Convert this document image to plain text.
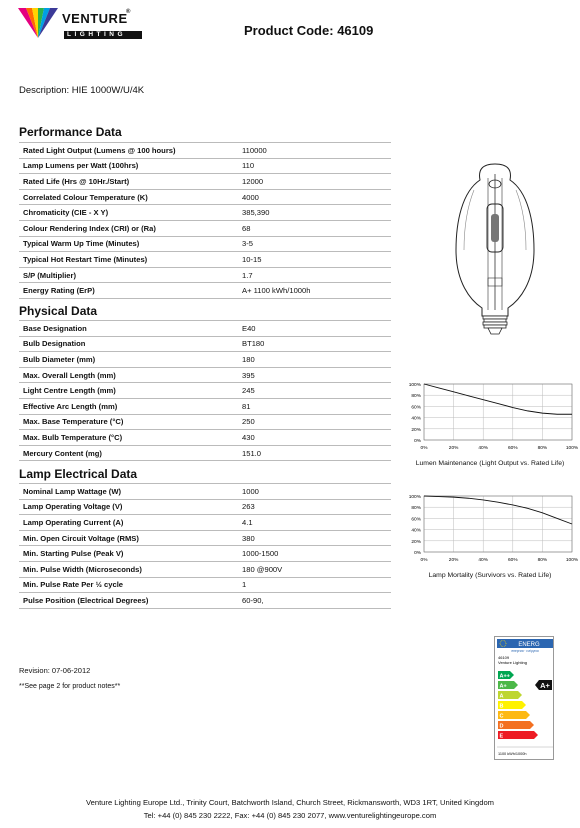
VENTURE
®
LIGHTING	Product Code: 46109
Description: HIE 1000W/U/4K
Performance Data
Rated Light Output (Lumens @ 100 hours)	110000
Lamp Lumens per Watt (100hrs)	110
Rated Life (Hrs @ 10Hr./Start)	12000
Correlated Colour Temperature (K)	4000
Chromaticity (CIE - X Y)	385,390
Colour Rendering Index (CRI) or (Ra)	68
Typical Warm Up Time (Minutes)	3-5
Typical Hot Restart Time (Minutes)	10-15
S/P (Multiplier)	1.7
Energy Rating (ErP)	A+ 1100 kWh/1000h
Physical Data
Base Designation	E40
Bulb Designation	BT180
Bulb Diameter (mm)	180
Max. Overall Length (mm)	395
Light Centre Length (mm)	245
Effective Arc Length (mm)	81
Max. Base Temperature (°C)	250
Max. Bulb Temperature (°C)	430
Mercury Content (mg)	151.0
Lamp Electrical Data
Nominal Lamp Wattage (W)	1000
Lamp Operating Voltage (V)	263
Lamp Operating Current (A)	4.1
Min. Open Circuit Voltage (RMS)	380
Min. Starting Pulse (Peak V)	1000-1500
Min. Pulse Width (Microseconds)	180 @900V
Min. Pulse Rate Per ½ cycle	1
Pulse Position (Electrical Degrees)	60-90,
0%
20%
40%
60%
80%
100%
0%	20%	40%	60%	80%	100%
Lumen Maintenance (Light Output vs. Rated Life)
0%
20%
40%
60%
80%
100%
0%	20%	40%	60%	80%	100%
Lamp Mortality (Survivors vs. Rated Life)
ENERG
енергия · ενέργεια
46109
Venture Lighting
A++
A+
A
B
C
D
E
A+
1100 kWh/1000h
Revision: 07-06-2012
**See page 2 for product notes**
Venture Lighting Europe Ltd., Trinity Court, Batchworth Island, Church Street, Rickmansworth, WD3 1RT, United Kingdom
Tel: +44 (0) 845 230 2222, Fax: +44 (0) 845 230 2077, www.venturelightingeurope.com
